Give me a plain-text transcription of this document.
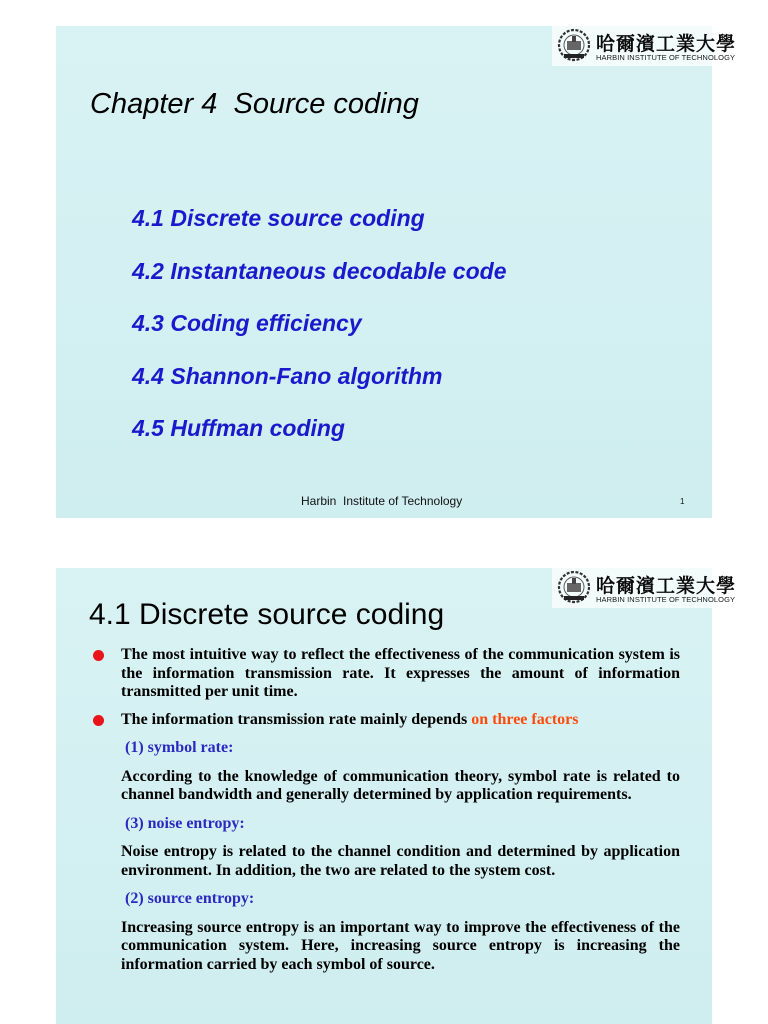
哈爾濱工業大學
HARBIN INSTITUTE OF TECHNOLOGY
Chapter 4  Source coding
4.1 Discrete source coding
4.2 Instantaneous decodable code
4.3 Coding efficiency
4.4 Shannon-Fano algorithm
4.5 Huffman coding
Harbin  Institute of Technology	1
哈爾濱工業大學
HARBIN INSTITUTE OF TECHNOLOGY
4.1 Discrete source coding
The most intuitive way to reflect the effectiveness of the communication system is the information transmission rate. It expresses the amount of information transmitted per unit time.
The information transmission rate mainly depends on three factors
(1) symbol rate:
According to the knowledge of communication theory, symbol rate is related to channel bandwidth and generally determined by application requirements.
(3) noise entropy:
Noise entropy is related to the channel condition and determined by application environment. In addition, the two are related to the system cost.
(2) source entropy:
Increasing source entropy is an important way to improve the effectiveness of the communication system. Here, increasing source entropy is increasing the information carried by each symbol of source.
